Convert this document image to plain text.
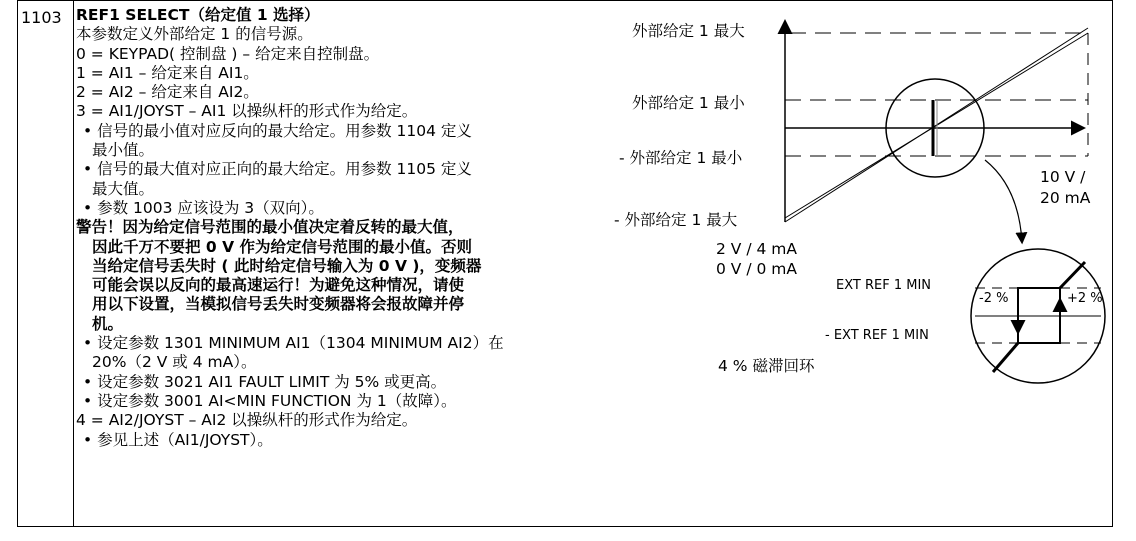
1103 REF1 SELECT（给定值 1 选择）
本参数定义外部给定 1 的信号源。
0 = KEYPAD( 控制盘 ) – 给定来自控制盘。
1 = AI1 – 给定来自 AI1。
2 = AI2 – 给定来自 AI2。
3 = AI1/JOYST – AI1 以操纵杆的形式作为给定。
• 信号的最小值对应反向的最大给定。用参数 1104 定义
最小值。
• 信号的最大值对应正向的最大给定。用参数 1105 定义
最大值。
• 参数 1003 应该设为 3（双向）。
警告！因为给定信号范围的最小值决定着反转的最大值，
因此千万不要把 0 V 作为给定信号范围的最小值。否则
当给定信号丢失时 ( 此时给定信号输入为 0 V )，变频器
可能会误以反向的最高速运行！为避免这种情况，请使
用以下设置，当模拟信号丢失时变频器将会报故障并停
机。
• 设定参数 1301 MINIMUM AI1（1304 MINIMUM AI2）在
20%（2 V 或 4 mA）。
• 设定参数 3021 AI1 FAULT LIMIT 为 5% 或更高。
• 设定参数 3001 AI<MIN FUNCTION 为 1（故障）。
4 = AI2/JOYST – AI2 以操纵杆的形式作为给定。
• 参见上述（AI1/JOYST）。
外部给定 1 最大
外部给定 1 最小
- 外部给定 1 最小
- 外部给定 1 最大
2 V / 4 mA
0 V / 0 mA
10 V /
20 mA
EXT REF 1 MIN
- EXT REF 1 MIN
-2 %	+2 %
4 % 磁滞回环
